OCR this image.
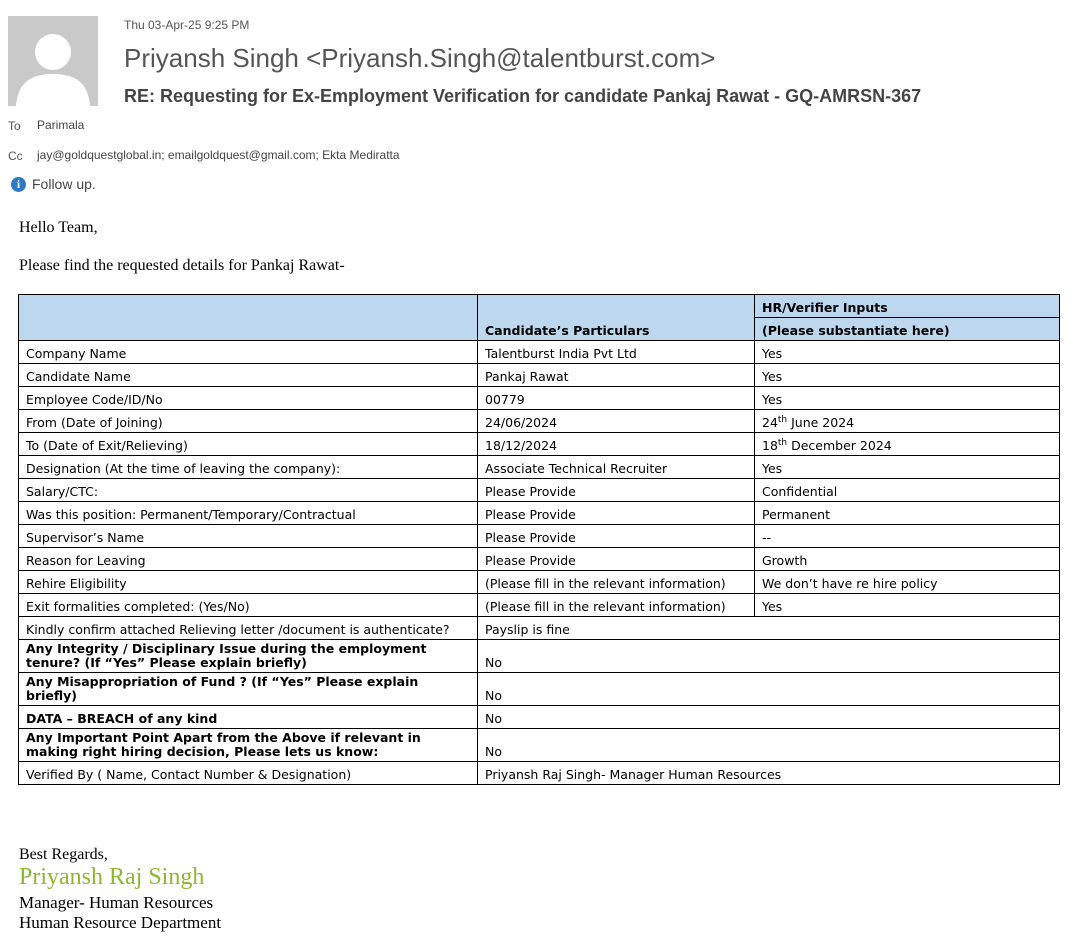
Thu 03-Apr-25 9:25 PM
Priyansh Singh <Priyansh.Singh@talentburst.com>
RE: Requesting for Ex-Employment Verification for candidate Pankaj Rawat - GQ-AMRSN-367
To Parimala
Cc jay@goldquestglobal.in; emailgoldquest@gmail.com; Ekta Mediratta
i Follow up.
Hello Team,
Please find the requested details for Pankaj Rawat-
	Candidate’s Particulars	HR/Verifier Inputs
		(Please substantiate here)
Company Name	Talentburst India Pvt Ltd	Yes
Candidate Name	Pankaj Rawat	Yes
Employee Code/ID/No	00779	Yes
From (Date of Joining)	24/06/2024	24th June 2024
To (Date of Exit/Relieving)	18/12/2024	18th December 2024
Designation (At the time of leaving the company):	Associate Technical Recruiter	Yes
Salary/CTC:	Please Provide	Confidential
Was this position: Permanent/Temporary/Contractual	Please Provide	Permanent
Supervisor’s Name	Please Provide	--
Reason for Leaving	Please Provide	Growth
Rehire Eligibility	(Please fill in the relevant information)	We don’t have re hire policy
Exit formalities completed: (Yes/No)	(Please fill in the relevant information)	Yes
Kindly confirm attached Relieving letter /document is authenticate?	Payslip is fine	
Any Integrity / Disciplinary Issue during the employment tenure? (If “Yes” Please explain briefly)	No	
Any Misappropriation of Fund ? (If “Yes” Please explain briefly)	No	
DATA – BREACH of any kind	No	
Any Important Point Apart from the Above if relevant in making right hiring decision, Please lets us know:	No	
Verified By ( Name, Contact Number & Designation)	Priyansh Raj Singh- Manager Human Resources	
Best Regards,
Priyansh Raj Singh
Manager- Human Resources
Human Resource Department
